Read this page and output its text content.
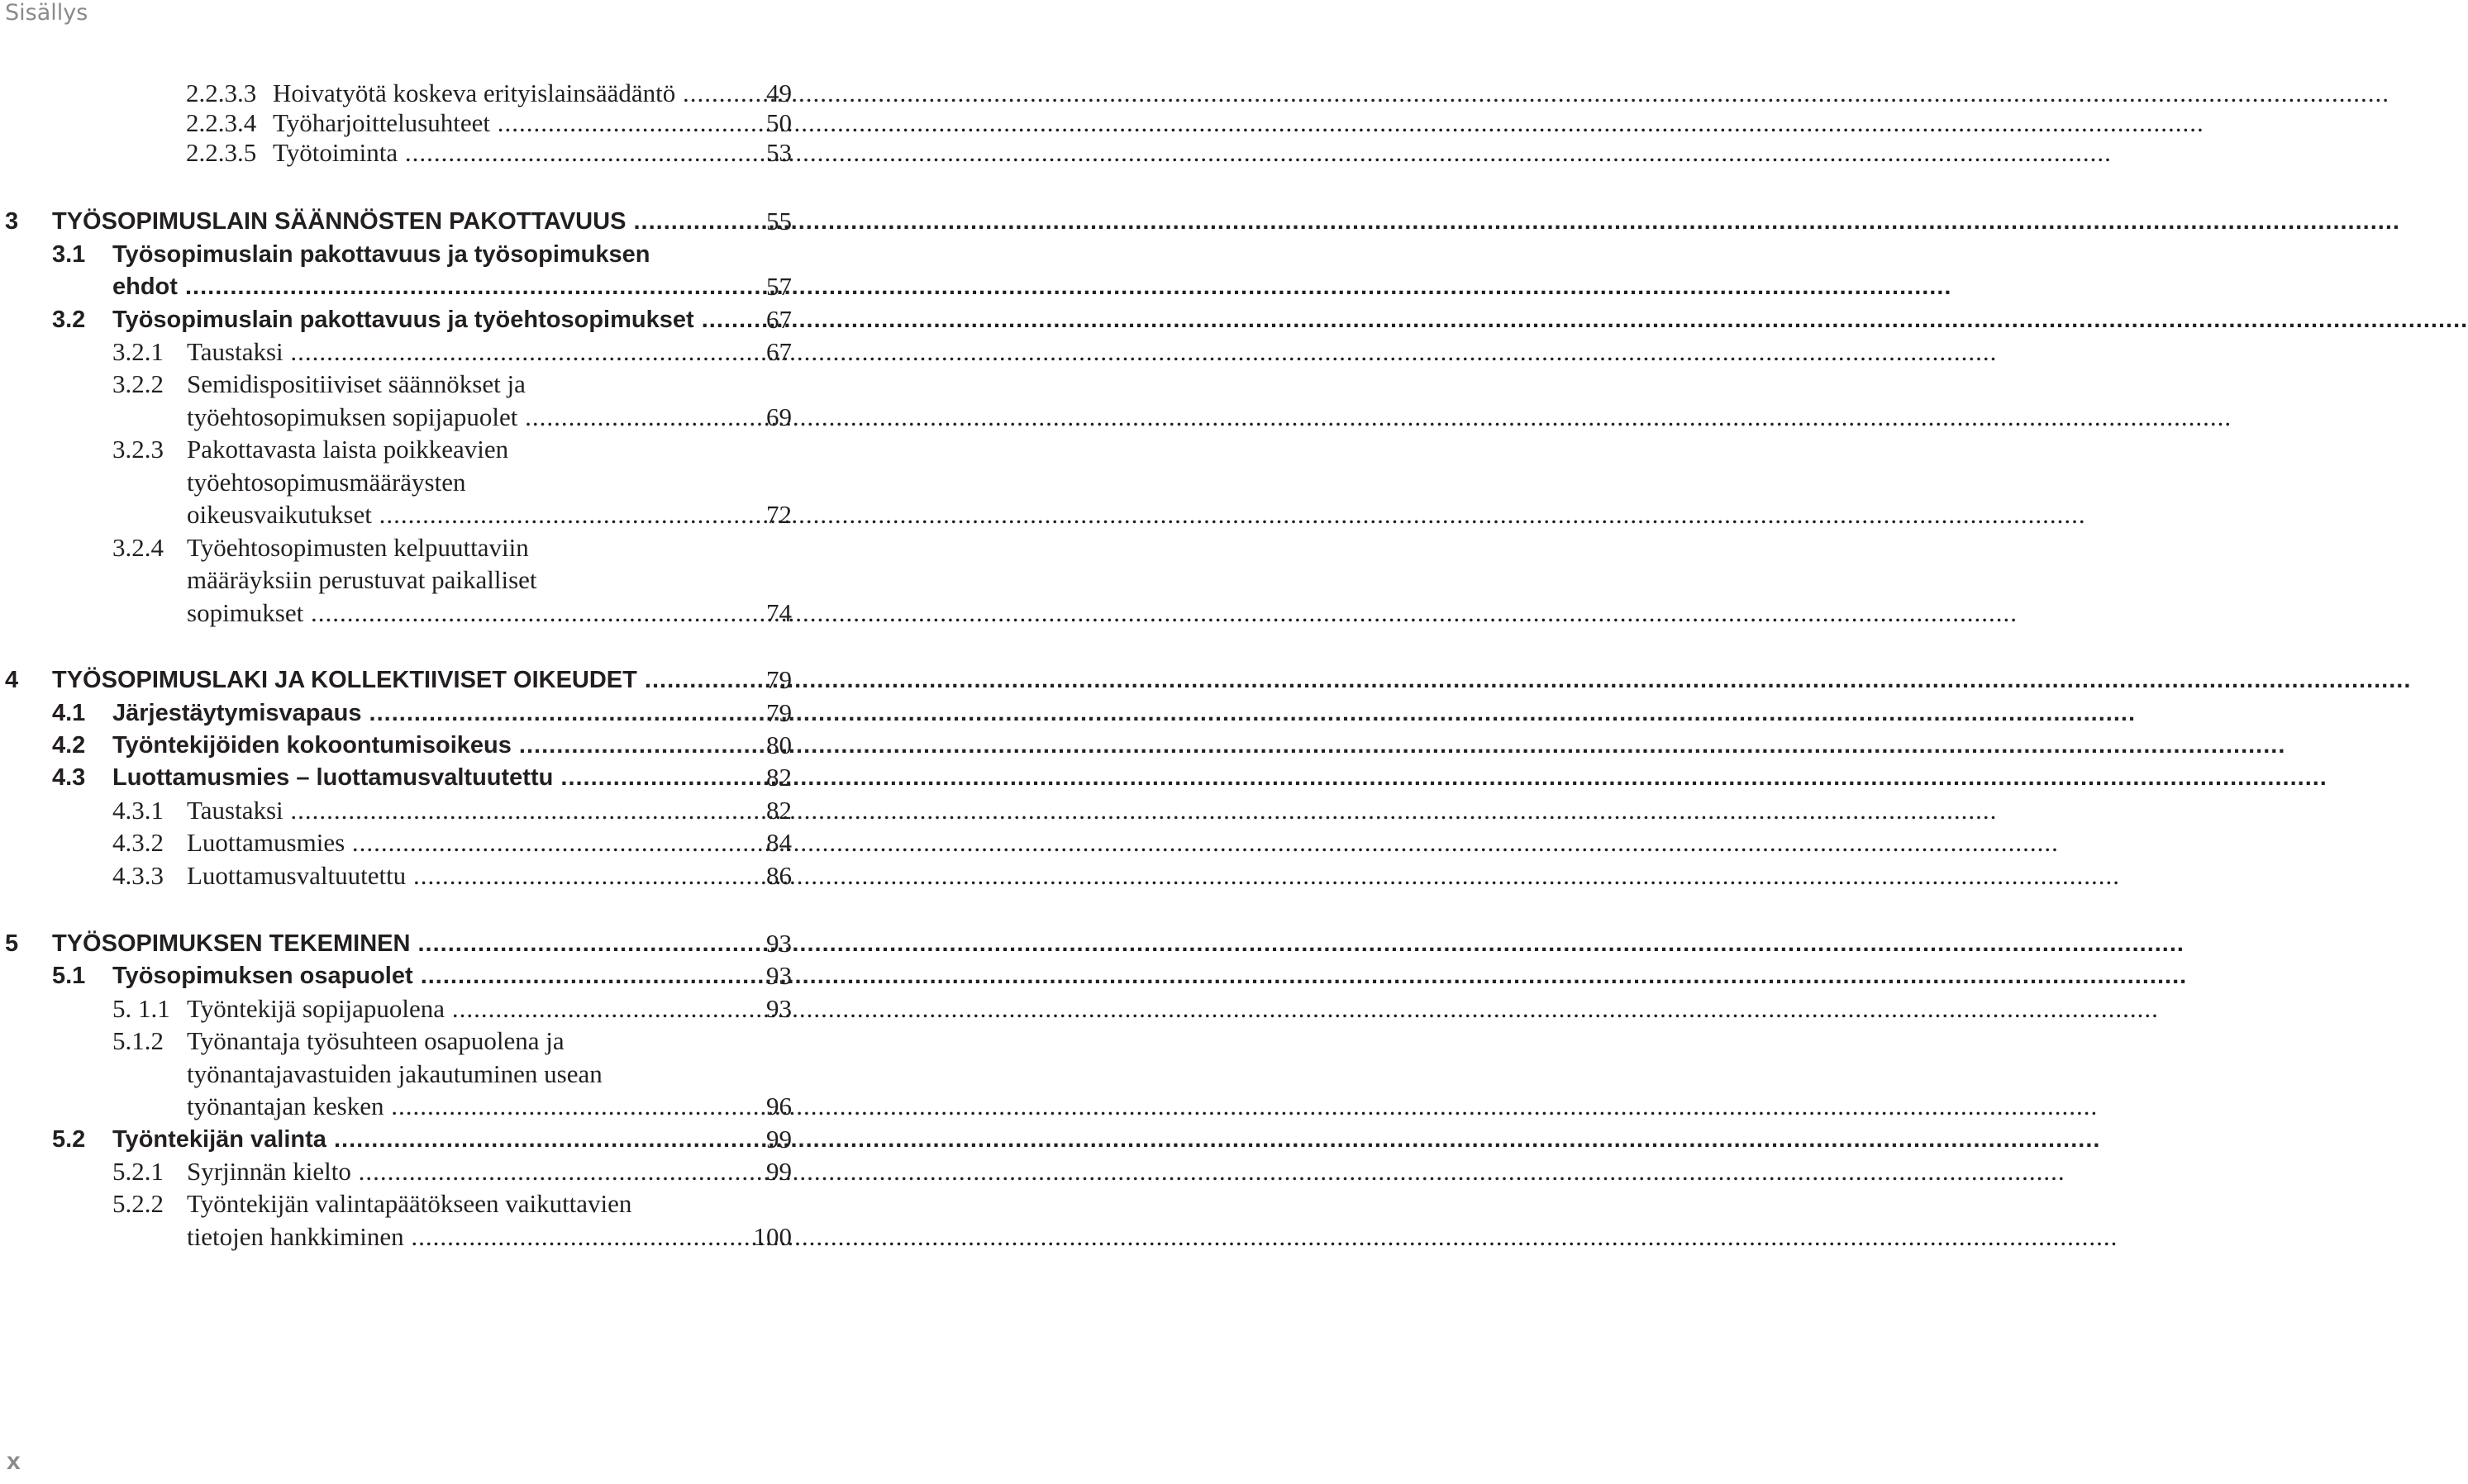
Sisällys
2.2.3.3 Hoivatyötä koskeva erityislainsäädäntö .....	49
2.2.3.4 Työharjoittelusuhteet .....	50
2.2.3.5 Työtoiminta .....	53
3 TYÖSOPIMUSLAIN SÄÄNNÖSTEN PAKOTTAVUUS .....	55
3.1 Työsopimuslain pakottavuus ja työsopimuksen
ehdot .....	57
3.2 Työsopimuslain pakottavuus ja työehtosopimukset .....	67
3.2.1 Taustaksi .....	67
3.2.2 Semidispositiiviset säännökset ja
työehtosopimuksen sopijapuolet .....	69
3.2.3 Pakottavasta laista poikkeavien
työehtosopimusmääräysten
oikeusvaikutukset .....	72
3.2.4 Työehtosopimusten kelpuuttaviin
määräyksiin perustuvat paikalliset
sopimukset .....	74
4 TYÖSOPIMUSLAKI JA KOLLEKTIIVISET OIKEUDET .....	79
4.1 Järjestäytymisvapaus .....	79
4.2 Työntekijöiden kokoontumisoikeus .....	80
4.3 Luottamusmies – luottamusvaltuutettu .....	82
4.3.1 Taustaksi .....	82
4.3.2 Luottamusmies .....	84
4.3.3 Luottamusvaltuutettu .....	86
5 TYÖSOPIMUKSEN TEKEMINEN .....	93
5.1 Työsopimuksen osapuolet .....	93
5. 1.1 Työntekijä sopijapuolena .....	93
5.1.2 Työnantaja työsuhteen osapuolena ja
työnantajavastuiden jakautuminen usean
työnantajan kesken .....	96
5.2 Työntekijän valinta .....	99
5.2.1 Syrjinnän kielto .....	99
5.2.2 Työntekijän valintapäätökseen vaikuttavien
tietojen hankkiminen .....	100
x
